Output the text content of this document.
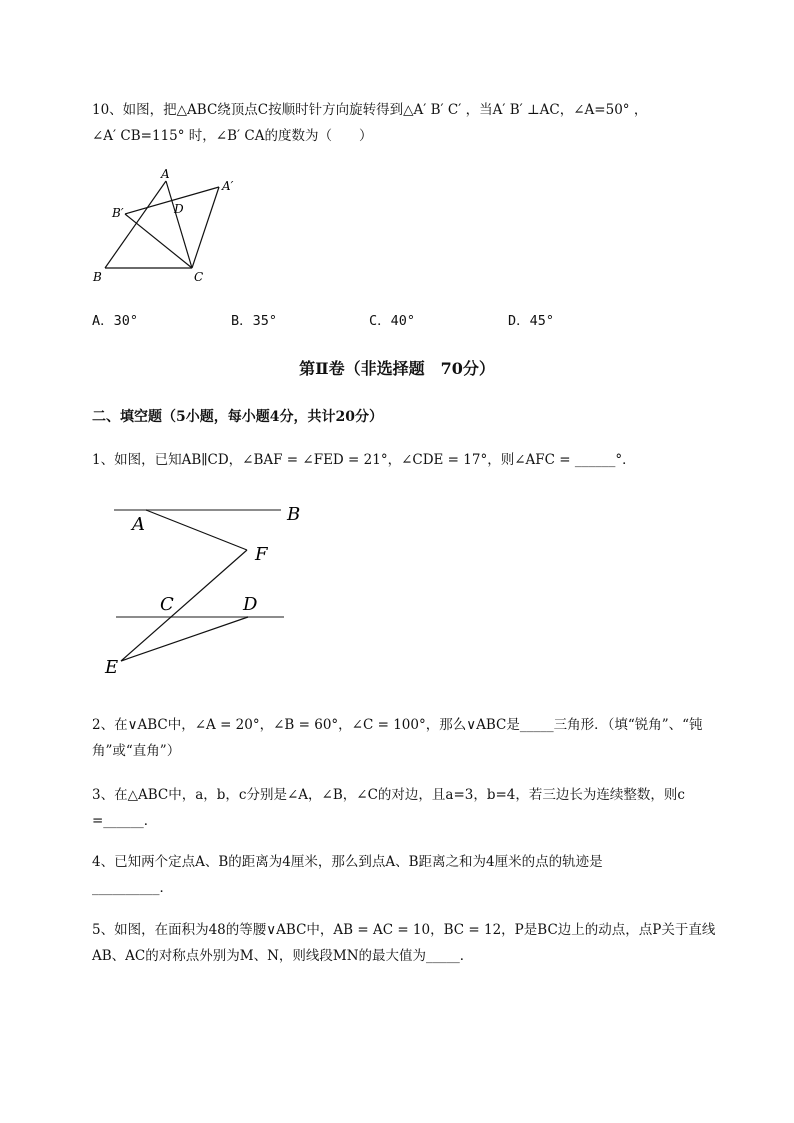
10、如图，把△ABC绕顶点C按顺时针方向旋转得到△A′ B′ C′ ，当A′ B′ ⊥AC，∠A=50° ，
∠A′ CB=115° 时，∠B′ CA的度数为（　　）
A
A′
B′	D
B	C
A．30°	B．35°	C．40°	D．45°
第Ⅱ卷（非选择题　70分）
二、填空题（5小题，每小题4分，共计20分）
1、如图，已知AB∥CD，∠BAF = ∠FED = 21°，∠CDE = 17°，则∠AFC = ______°．
A	B
F
C	D
E
2、在∨ABC中，∠A = 20°，∠B = 60°，∠C = 100°，那么∨ABC是_____三角形．（填“锐角”、“钝
角”或“直角”）
3、在△ABC中，a，b，c分别是∠A，∠B，∠C的对边，且a=3，b=4，若三边长为连续整数，则c
=______．
4、已知两个定点A、B的距离为4厘米，那么到点A、B距离之和为4厘米的点的轨迹是
__________．
5、如图，在面积为48的等腰∨ABC中，AB = AC = 10，BC = 12，P是BC边上的动点，点P关于直线
AB、AC的对称点外别为M、N，则线段MN的最大值为_____．
